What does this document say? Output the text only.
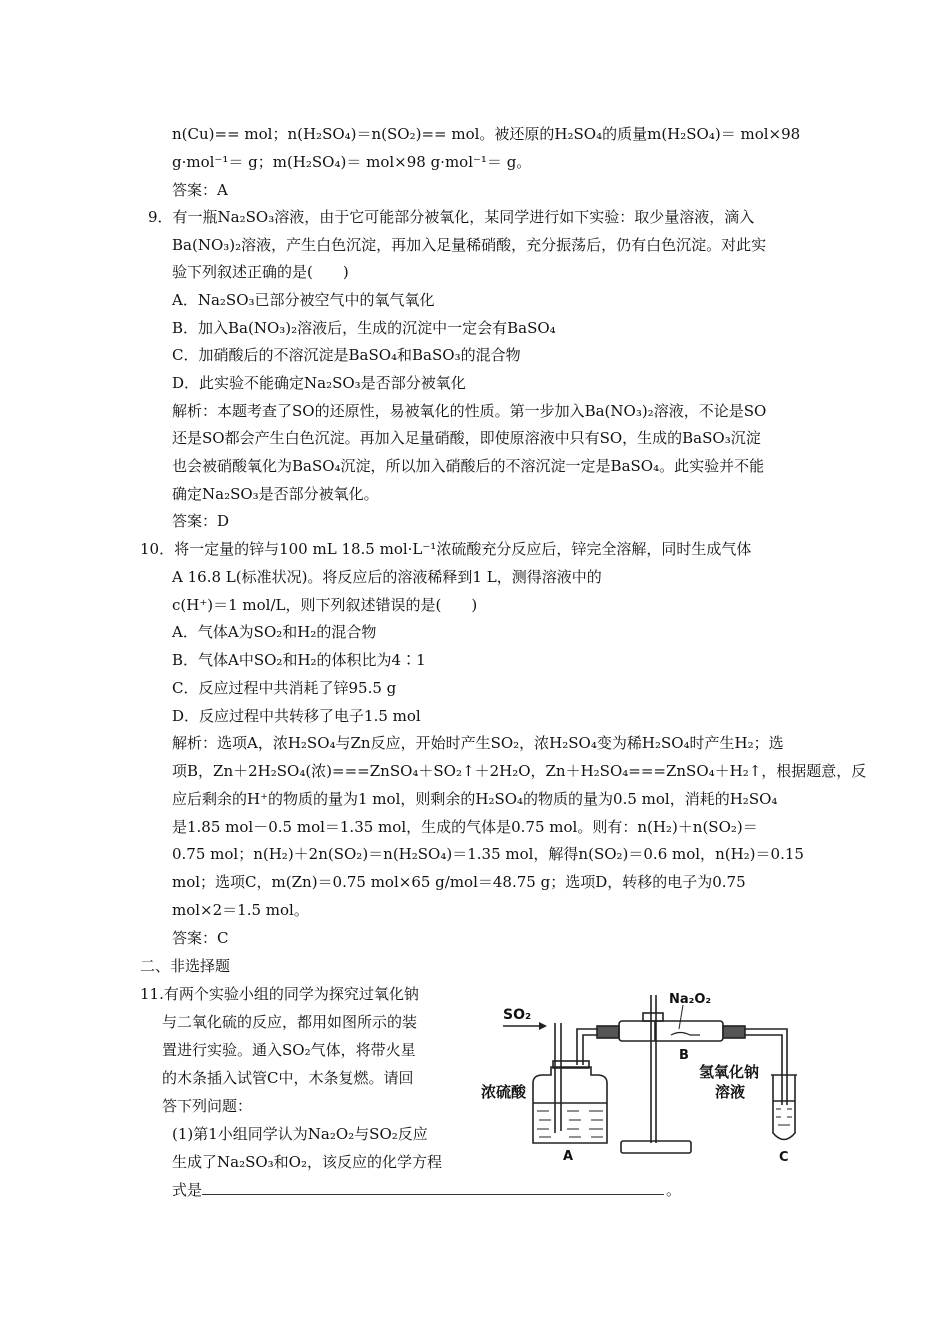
n(Cu)== mol；n(H₂SO₄)＝n(SO₂)== mol。被还原的H₂SO₄的质量m(H₂SO₄)＝ mol×98
g·mol⁻¹＝ g；m(H₂SO₄)＝ mol×98 g·mol⁻¹＝ g。
答案：A
9．有一瓶Na₂SO₃溶液，由于它可能部分被氧化，某同学进行如下实验：取少量溶液，滴入
Ba(NO₃)₂溶液，产生白色沉淀，再加入足量稀硝酸，充分振荡后，仍有白色沉淀。对此实
验下列叙述正确的是(　　)
A．Na₂SO₃已部分被空气中的氧气氧化
B．加入Ba(NO₃)₂溶液后，生成的沉淀中一定会有BaSO₄
C．加硝酸后的不溶沉淀是BaSO₄和BaSO₃的混合物
D．此实验不能确定Na₂SO₃是否部分被氧化
解析：本题考查了SO的还原性，易被氧化的性质。第一步加入Ba(NO₃)₂溶液，不论是SO
还是SO都会产生白色沉淀。再加入足量硝酸，即使原溶液中只有SO，生成的BaSO₃沉淀
也会被硝酸氧化为BaSO₄沉淀，所以加入硝酸后的不溶沉淀一定是BaSO₄。此实验并不能
确定Na₂SO₃是否部分被氧化。
答案：D
10．将一定量的锌与100 mL 18.5 mol·L⁻¹浓硫酸充分反应后，锌完全溶解，同时生成气体
A 16.8 L(标准状况)。将反应后的溶液稀释到1 L，测得溶液中的
c(H⁺)＝1 mol/L，则下列叙述错误的是(　　)
A．气体A为SO₂和H₂的混合物
B．气体A中SO₂和H₂的体积比为4∶1
C．反应过程中共消耗了锌95.5 g
D．反应过程中共转移了电子1.5 mol
解析：选项A，浓H₂SO₄与Zn反应，开始时产生SO₂，浓H₂SO₄变为稀H₂SO₄时产生H₂；选
项B，Zn＋2H₂SO₄(浓)===ZnSO₄＋SO₂↑＋2H₂O，Zn＋H₂SO₄===ZnSO₄＋H₂↑，根据题意，反
应后剩余的H⁺的物质的量为1 mol，则剩余的H₂SO₄的物质的量为0.5 mol，消耗的H₂SO₄
是1.85 mol－0.5 mol＝1.35 mol，生成的气体是0.75 mol。则有：n(H₂)＋n(SO₂)＝
0.75 mol；n(H₂)＋2n(SO₂)＝n(H₂SO₄)＝1.35 mol，解得n(SO₂)＝0.6 mol，n(H₂)＝0.15
mol；选项C，m(Zn)＝0.75 mol×65 g/mol＝48.75 g；选项D，转移的电子为0.75
mol×2＝1.5 mol。
答案：C
二、非选择题
11.有两个实验小组的同学为探究过氧化钠
与二氧化硫的反应，都用如图所示的装
置进行实验。通入SO₂气体，将带火星
的木条插入试管C中，木条复燃。请回
答下列问题：
(1)第1小组同学认为Na₂O₂与SO₂反应
生成了Na₂SO₃和O₂，该反应的化学方程
式是	。
SO₂
Na₂O₂
B
氢氧化钠
溶液
浓硫酸
A	C
